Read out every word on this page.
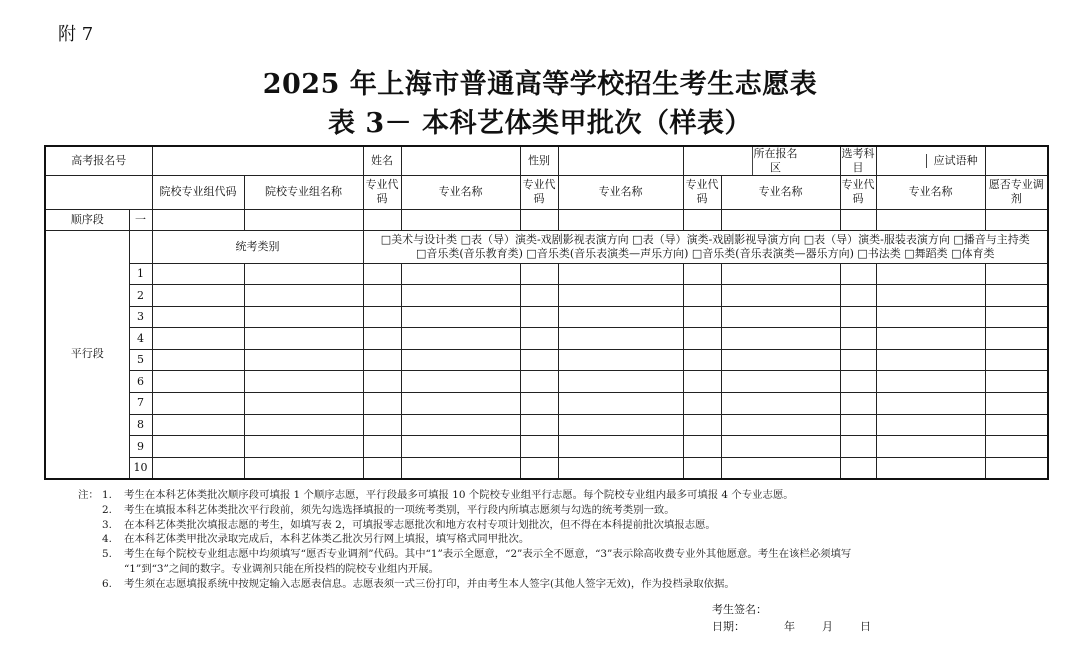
附 7
2025 年上海市普通高等学校招生考生志愿表
表 3－ 本科艺体类甲批次（样表）
高考报名号				姓名		性别		所在报名区		选考科目	应试语种	

		院校专业组代码	院校专业组名称	专业代码	专业名称	专业代码	专业名称	专业代码	专业名称	专业代码	专业名称	愿否专业调剂
顺序段	一	

平行段		统考类别		□美术与设计类 □表（导）演类-戏剧影视表演方向 □表（导）演类-戏剧影视导演方向 □表（导）演类-服装表演方向 □播音与主持类
□音乐类(音乐教育类) □音乐类(音乐表演类—声乐方向) □音乐类(音乐表演类—器乐方向) □书法类 □舞蹈类 □体育类								

	1	

	2	

	3	

	4	

	5	

	6	

	7	

	8	

	9	

	10	

注： 1.	考生在本科艺体类批次顺序段可填报 1 个顺序志愿，平行段最多可填报 10 个院校专业组平行志愿。每个院校专业组内最多可填报 4 个专业志愿。
2.	考生在填报本科艺体类批次平行段前，须先勾选选择填报的一项统考类别，平行段内所填志愿须与勾选的统考类别一致。
3.	在本科艺体类批次填报志愿的考生，如填写表 2，可填报零志愿批次和地方农村专项计划批次，但不得在本科提前批次填报志愿。
4.	在本科艺体类甲批次录取完成后，本科艺体类乙批次另行网上填报，填写格式同甲批次。
5.	考生在每个院校专业组志愿中均须填写“愿否专业调剂”代码。其中“1”表示全愿意，“2”表示全不愿意，“3”表示除高收费专业外其他愿意。考生在该栏必须填写
“1”到“3”之间的数字。专业调剂只能在所投档的院校专业组内开展。
6.	考生须在志愿填报系统中按规定输入志愿表信息。志愿表须一式三份打印，并由考生本人签字(其他人签字无效)，作为投档录取依据。
考生签名：
日期：	年 月 日
